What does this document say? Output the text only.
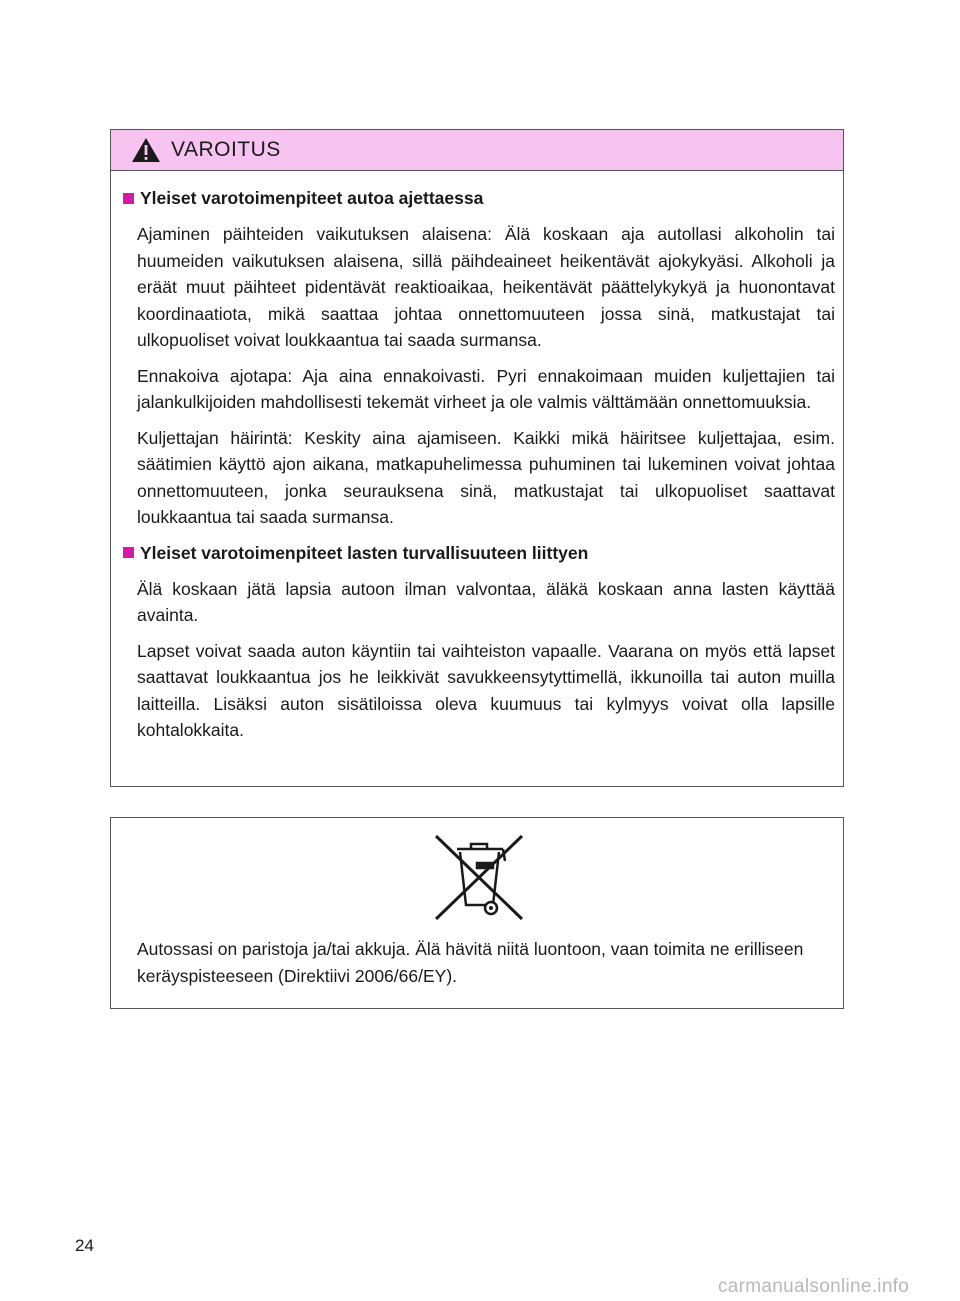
VAROITUS
Yleiset varotoimenpiteet autoa ajettaessa

Ajaminen päihteiden vaikutuksen alaisena: Älä koskaan aja autollasi alkoholin tai huumeiden vaikutuksen alaisena, sillä päihdeaineet heikentävät ajokykyäsi. Alkoholi ja eräät muut päihteet pidentävät reaktioaikaa, heikentävät päättelykykyä ja huonontavat koordinaatiota, mikä saattaa johtaa onnettomuuteen jossa sinä, matkustajat tai ulkopuoliset voivat loukkaantua tai saada surmansa.

Ennakoiva ajotapa: Aja aina ennakoivasti. Pyri ennakoimaan muiden kuljettajien tai jalankulkijoiden mahdollisesti tekemät virheet ja ole valmis välttämään onnettomuuksia.

Kuljettajan häirintä: Keskity aina ajamiseen. Kaikki mikä häiritsee kuljettajaa, esim. säätimien käyttö ajon aikana, matkapuhelimessa puhuminen tai lukeminen voivat johtaa onnettomuuteen, jonka seurauksena sinä, matkustajat tai ulkopuoliset saattavat loukkaantua tai saada surmansa.

Yleiset varotoimenpiteet lasten turvallisuuteen liittyen

Älä koskaan jätä lapsia autoon ilman valvontaa, äläkä koskaan anna lasten käyttää avainta.

Lapset voivat saada auton käyntiin tai vaihteiston vapaalle. Vaarana on myös että lapset saattavat loukkaantua jos he leikkivät savukkeensytyttimellä, ikkunoilla tai auton muilla laitteilla. Lisäksi auton sisätiloissa oleva kuumuus tai kylmyys voivat olla lapsille kohtalokkaita.

Autossasi on paristoja ja/tai akkuja. Älä hävitä niitä luontoon, vaan toimita ne erilliseen keräyspisteeseen (Direktiivi 2006/66/EY).
24
carmanualsonline.info
